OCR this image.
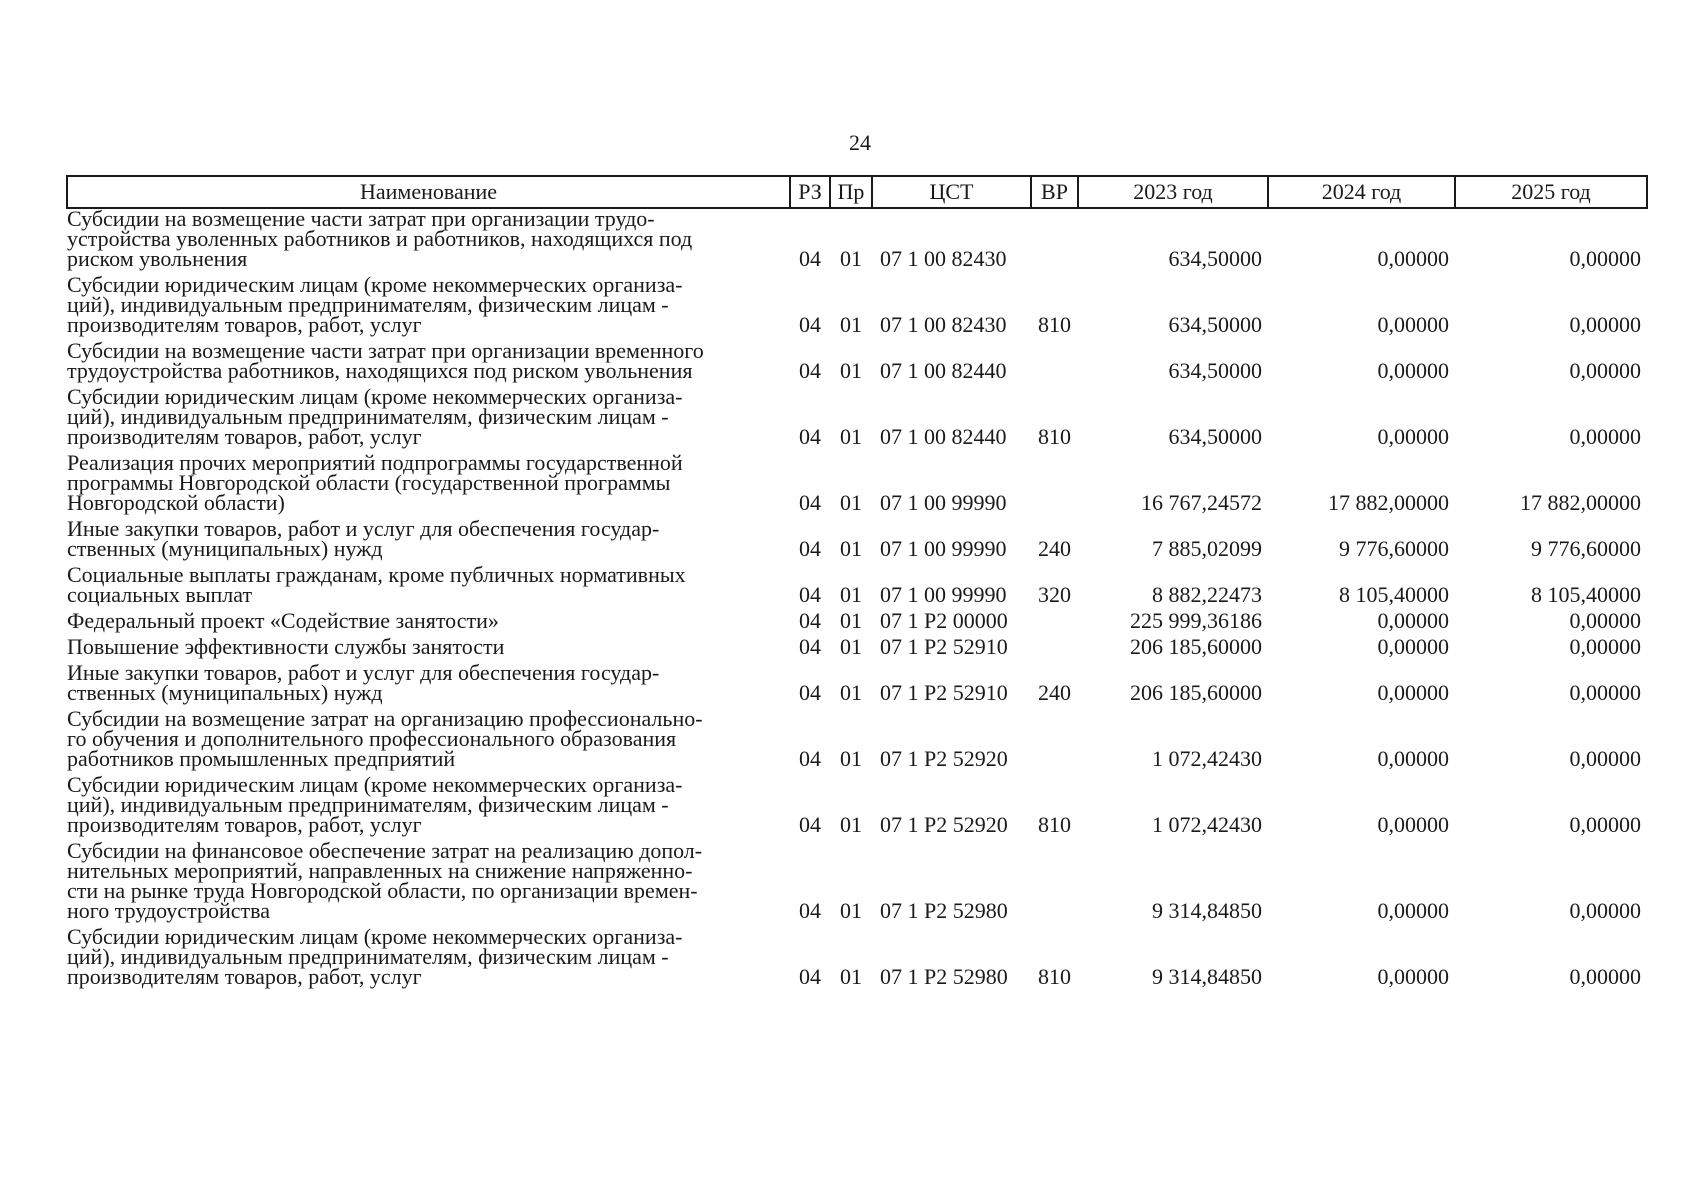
24
Наименование	РЗ	Пр	ЦСТ	ВР	2023 год	2024 год	2025 год

Субсидии на возмещение части затрат при организации трудо-
устройства уволенных работников и работников, находящихся под
риском увольнения	04	01	07 1 00 82430		634,50000	0,00000	0,00000

Субсидии юридическим лицам (кроме некоммерческих организа-
ций), индивидуальным предпринимателям, физическим лицам -
производителям товаров, работ, услуг	04	01	07 1 00 82430	810	634,50000	0,00000	0,00000

Субсидии на возмещение части затрат при организации временного
трудоустройства работников, находящихся под риском увольнения	04	01	07 1 00 82440		634,50000	0,00000	0,00000

Субсидии юридическим лицам (кроме некоммерческих организа-
ций), индивидуальным предпринимателям, физическим лицам -
производителям товаров, работ, услуг	04	01	07 1 00 82440	810	634,50000	0,00000	0,00000

Реализация прочих мероприятий подпрограммы государственной
программы Новгородской области (государственной программы
Новгородской области)	04	01	07 1 00 99990		16 767,24572	17 882,00000	17 882,00000

Иные закупки товаров, работ и услуг для обеспечения государ-
ственных (муниципальных) нужд	04	01	07 1 00 99990	240	7 885,02099	9 776,60000	9 776,60000

Социальные выплаты гражданам, кроме публичных нормативных
социальных выплат	04	01	07 1 00 99990	320	8 882,22473	8 105,40000	8 105,40000

Федеральный проект «Содействие занятости»	04	01	07 1 P2 00000		225 999,36186	0,00000	0,00000

Повышение эффективности службы занятости	04	01	07 1 P2 52910		206 185,60000	0,00000	0,00000

Иные закупки товаров, работ и услуг для обеспечения государ-
ственных (муниципальных) нужд	04	01	07 1 P2 52910	240	206 185,60000	0,00000	0,00000

Субсидии на возмещение затрат на организацию профессионально-
го обучения и дополнительного профессионального образования
работников промышленных предприятий	04	01	07 1 P2 52920		1 072,42430	0,00000	0,00000

Субсидии юридическим лицам (кроме некоммерческих организа-
ций), индивидуальным предпринимателям, физическим лицам -
производителям товаров, работ, услуг	04	01	07 1 P2 52920	810	1 072,42430	0,00000	0,00000

Субсидии на финансовое обеспечение затрат на реализацию допол-
нительных мероприятий, направленных на снижение напряженно-
сти на рынке труда Новгородской области, по организации времен-
ного трудоустройства	04	01	07 1 P2 52980		9 314,84850	0,00000	0,00000

Субсидии юридическим лицам (кроме некоммерческих организа-
ций), индивидуальным предпринимателям, физическим лицам -
производителям товаров, работ, услуг	04	01	07 1 P2 52980	810	9 314,84850	0,00000	0,00000
